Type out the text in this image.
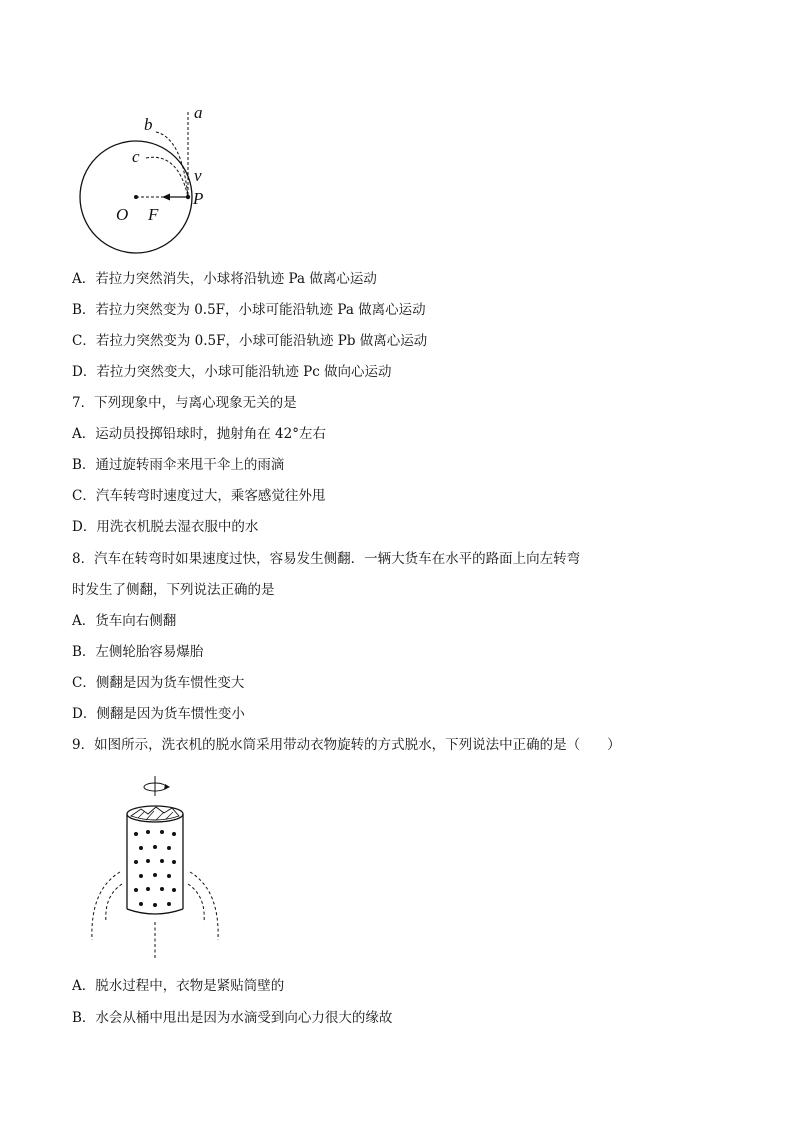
a
b
c
v
P
O F
A．若拉力突然消失，小球将沿轨迹 Pa 做离心运动
B．若拉力突然变为 0.5F，小球可能沿轨迹 Pa 做离心运动
C．若拉力突然变为 0.5F，小球可能沿轨迹 Pb 做离心运动
D．若拉力突然变大，小球可能沿轨迹 Pc 做向心运动
7．下列现象中，与离心现象无关的是
A．运动员投掷铅球时，抛射角在 42°左右
B．通过旋转雨伞来甩干伞上的雨滴
C．汽车转弯时速度过大，乘客感觉往外甩
D．用洗衣机脱去湿衣服中的水
8．汽车在转弯时如果速度过快，容易发生侧翻．一辆大货车在水平的路面上向左转弯
时发生了侧翻，下列说法正确的是
A．货车向右侧翻
B．左侧轮胎容易爆胎
C．侧翻是因为货车惯性变大
D．侧翻是因为货车惯性变小
9．如图所示，洗衣机的脱水筒采用带动衣物旋转的方式脱水，下列说法中正确的是（　　）
A．脱水过程中，衣物是紧贴筒壁的
B．水会从桶中甩出是因为水滴受到向心力很大的缘故
